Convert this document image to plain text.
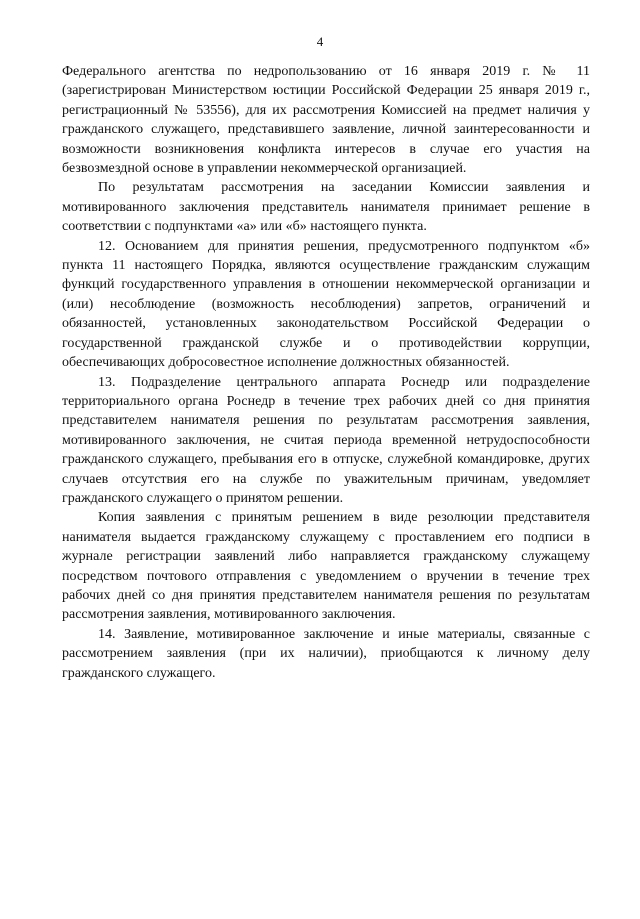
4

Федерального агентства по недропользованию от 16 января 2019 г. № 11 (зарегистрирован Министерством юстиции Российской Федерации 25 января 2019 г., регистрационный № 53556), для их рассмотрения Комиссией на предмет наличия у гражданского служащего, представившего заявление, личной заинтересованности и возможности возникновения конфликта интересов в случае его участия на безвозмездной основе в управлении некоммерческой организацией.

По результатам рассмотрения на заседании Комиссии заявления и мотивированного заключения представитель нанимателя принимает решение в соответствии с подпунктами «а» или «б» настоящего пункта.

12. Основанием для принятия решения, предусмотренного подпунктом «б» пункта 11 настоящего Порядка, являются осуществление гражданским служащим функций государственного управления в отношении некоммерческой организации и (или) несоблюдение (возможность несоблюдения) запретов, ограничений и обязанностей, установленных законодательством Российской Федерации о государственной гражданской службе и о противодействии коррупции, обеспечивающих добросовестное исполнение должностных обязанностей.

13. Подразделение центрального аппарата Роснедр или подразделение территориального органа Роснедр в течение трех рабочих дней со дня принятия представителем нанимателя решения по результатам рассмотрения заявления, мотивированного заключения, не считая периода временной нетрудоспособности гражданского служащего, пребывания его в отпуске, служебной командировке, других случаев отсутствия его на службе по уважительным причинам, уведомляет гражданского служащего о принятом решении.

Копия заявления с принятым решением в виде резолюции представителя нанимателя выдается гражданскому служащему с проставлением его подписи в журнале регистрации заявлений либо направляется гражданскому служащему посредством почтового отправления с уведомлением о вручении в течение трех рабочих дней со дня принятия представителем нанимателя решения по результатам рассмотрения заявления, мотивированного заключения.

14. Заявление, мотивированное заключение и иные материалы, связанные с рассмотрением заявления (при их наличии), приобщаются к личному делу гражданского служащего.
